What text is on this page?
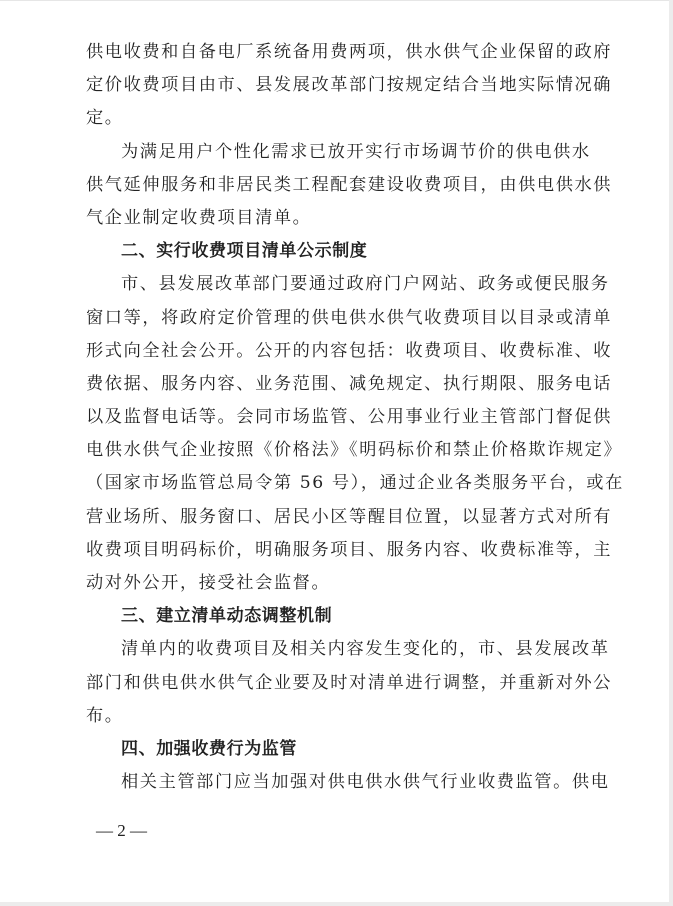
供电收费和自备电厂系统备用费两项，供水供气企业保留的政府
定价收费项目由市、县发展改革部门按规定结合当地实际情况确
定。
为满足用户个性化需求已放开实行市场调节价的供电供水
供气延伸服务和非居民类工程配套建设收费项目，由供电供水供
气企业制定收费项目清单。
二、实行收费项目清单公示制度
市、县发展改革部门要通过政府门户网站、政务或便民服务
窗口等，将政府定价管理的供电供水供气收费项目以目录或清单
形式向全社会公开。公开的内容包括：收费项目、收费标准、收
费依据、服务内容、业务范围、减免规定、执行期限、服务电话
以及监督电话等。会同市场监管、公用事业行业主管部门督促供
电供水供气企业按照《价格法》《明码标价和禁止价格欺诈规定》
（国家市场监管总局令第 56 号），通过企业各类服务平台，或在
营业场所、服务窗口、居民小区等醒目位置，以显著方式对所有
收费项目明码标价，明确服务项目、服务内容、收费标准等，主
动对外公开，接受社会监督。
三、建立清单动态调整机制
清单内的收费项目及相关内容发生变化的，市、县发展改革
部门和供电供水供气企业要及时对清单进行调整，并重新对外公
布。
四、加强收费行为监管
相关主管部门应当加强对供电供水供气行业收费监管。供电
— 2 —
